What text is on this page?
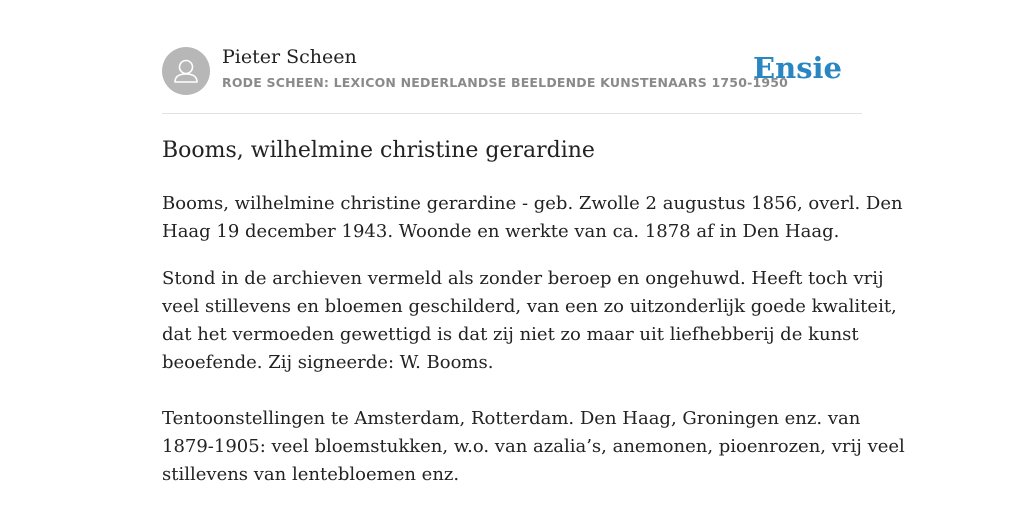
Pieter Scheen
RODE SCHEEN: LEXICON NEDERLANDSE BEELDENDE KUNSTENAARS 1750-1950
Ensie
Booms, wilhelmine christine gerardine

Booms, wilhelmine christine gerardine - geb. Zwolle 2 augustus 1856, overl. Den
Haag 19 december 1943. Woonde en werkte van ca. 1878 af in Den Haag.

Stond in de archieven vermeld als zonder beroep en ongehuwd. Heeft toch vrij
veel stillevens en bloemen geschilderd, van een zo uitzonderlijk goede kwaliteit,
dat het vermoeden gewettigd is dat zij niet zo maar uit liefhebberij de kunst
beoefende. Zij signeerde: W. Booms.

Tentoonstellingen te Amsterdam, Rotterdam. Den Haag, Groningen enz. van
1879-1905: veel bloemstukken, w.o. van azalia’s, anemonen, pioenrozen, vrij veel
stillevens van lentebloemen enz.
